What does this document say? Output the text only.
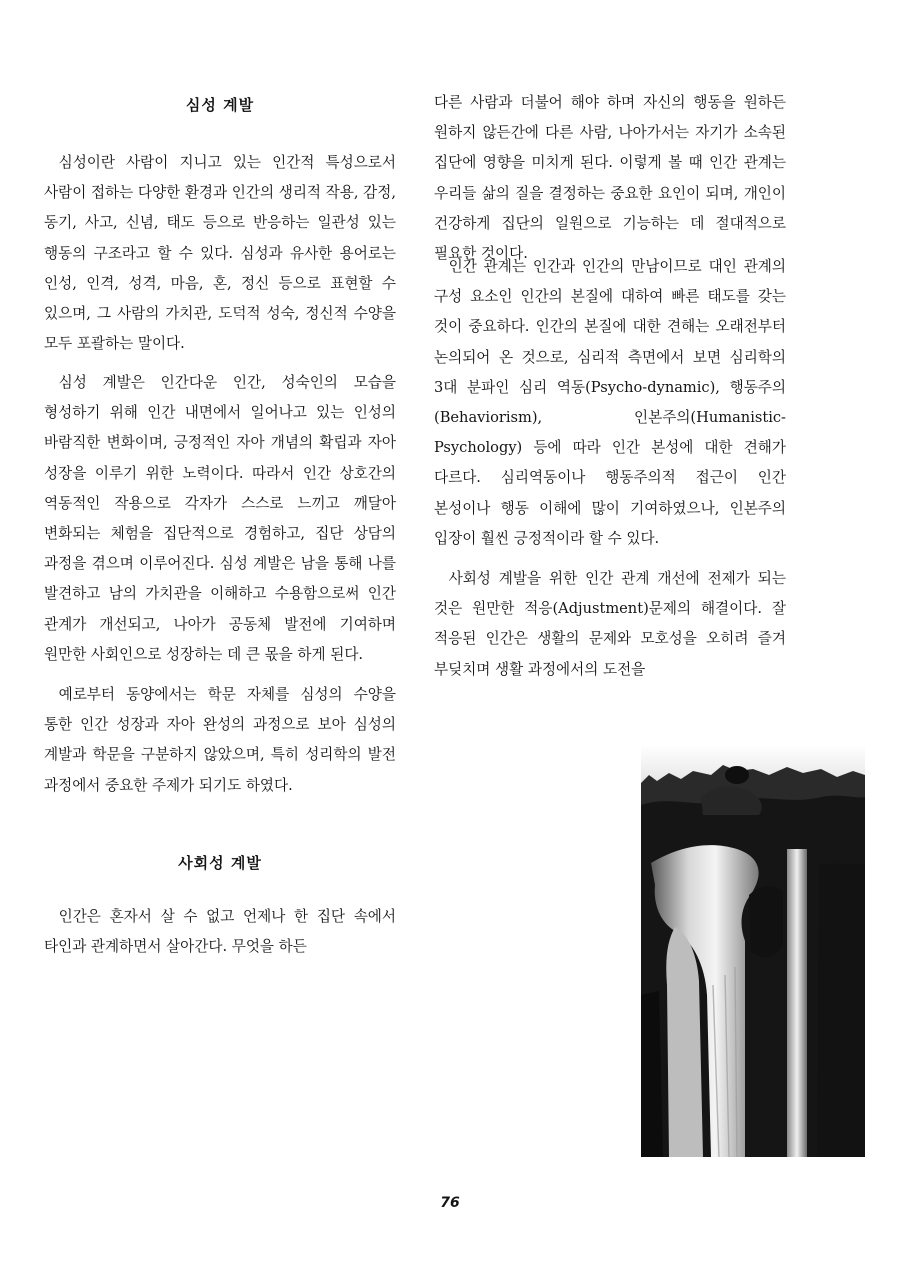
심성 계발

심성이란 사람이 지니고 있는 인간적 특성으로서 사람이 접하는 다양한 환경과 인간의 생리적 작용, 감정, 동기, 사고, 신념, 태도 등으로 반응하는 일관성 있는 행동의 구조라고 할 수 있다. 심성과 유사한 용어로는 인성, 인격, 성격, 마음, 혼, 정신 등으로 표현할 수 있으며, 그 사람의 가치관, 도덕적 성숙, 정신적 수양을 모두 포괄하는 말이다.

심성 계발은 인간다운 인간, 성숙인의 모습을 형성하기 위해 인간 내면에서 일어나고 있는 인성의 바람직한 변화이며, 긍정적인 자아 개념의 확립과 자아 성장을 이루기 위한 노력이다. 따라서 인간 상호간의 역동적인 작용으로 각자가 스스로 느끼고 깨달아 변화되는 체험을 집단적으로 경험하고, 집단 상담의 과정을 겪으며 이루어진다. 심성 계발은 남을 통해 나를 발견하고 남의 가치관을 이해하고 수용함으로써 인간 관계가 개선되고, 나아가 공동체 발전에 기여하며 원만한 사회인으로 성장하는 데 큰 몫을 하게 된다.

예로부터 동양에서는 학문 자체를 심성의 수양을 통한 인간 성장과 자아 완성의 과정으로 보아 심성의 계발과 학문을 구분하지 않았으며, 특히 성리학의 발전 과정에서 중요한 주제가 되기도 하였다.

사회성 계발

인간은 혼자서 살 수 없고 언제나 한 집단 속에서 타인과 관계하면서 살아간다. 무엇을 하든

다른 사람과 더불어 해야 하며 자신의 행동을 원하든 원하지 않든간에 다른 사람, 나아가서는 자기가 소속된 집단에 영향을 미치게 된다. 이렇게 볼 때 인간 관계는 우리들 삶의 질을 결정하는 중요한 요인이 되며, 개인이 건강하게 집단의 일원으로 기능하는 데 절대적으로 필요한 것이다.

인간 관계는 인간과 인간의 만남이므로 대인 관계의 구성 요소인 인간의 본질에 대하여 빠른 태도를 갖는 것이 중요하다. 인간의 본질에 대한 견해는 오래전부터 논의되어 온 것으로, 심리적 측면에서 보면 심리학의 3대 분파인 심리 역동(Psycho-dynamic), 행동주의(Behaviorism), 인본주의(Humanistic-Psychology) 등에 따라 인간 본성에 대한 견해가 다르다. 심리역동이나 행동주의적 접근이 인간 본성이나 행동 이해에 많이 기여하였으나, 인본주의 입장이 훨씬 긍정적이라 할 수 있다.

사회성 계발을 위한 인간 관계 개선에 전제가 되는 것은 원만한 적응(Adjustment)문제의 해결이다. 잘 적응된 인간은 생활의 문제와 모호성을 오히려 즐겨 부딪치며 생활 과정에서의 도전을

76
